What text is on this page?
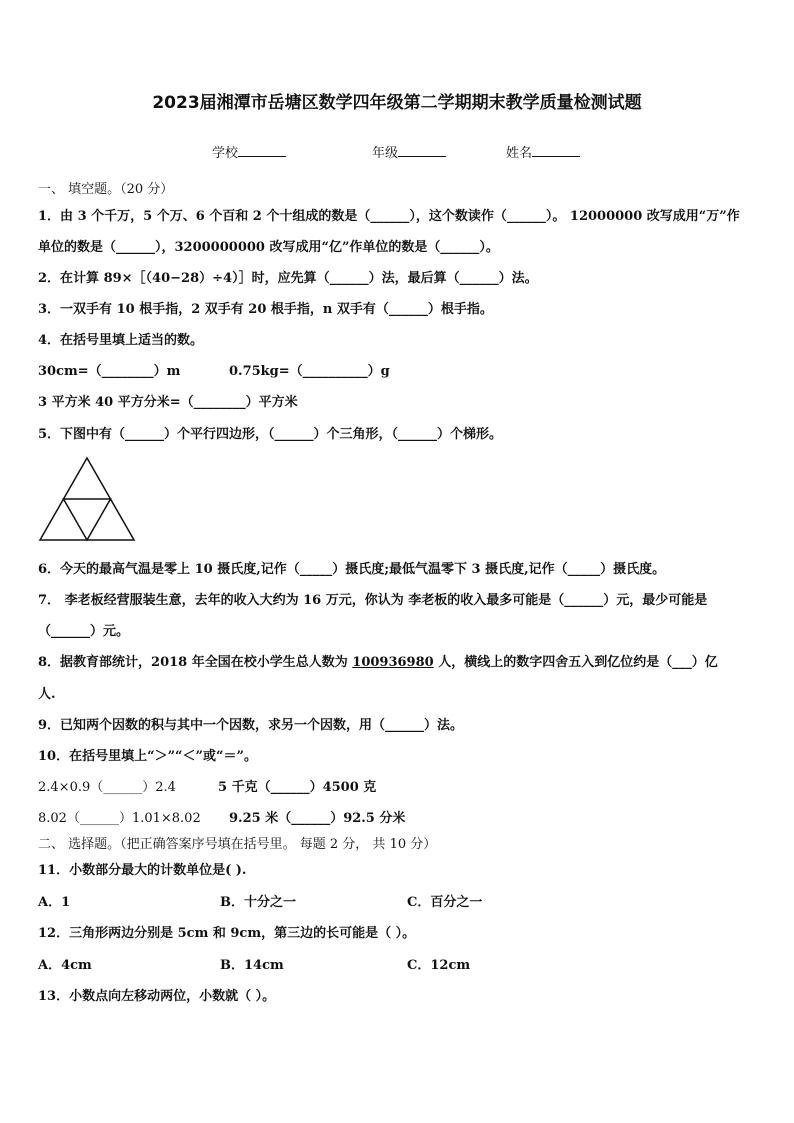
2023届湘潭市岳塘区数学四年级第二学期期末教学质量检测试题
学校	年级	姓名
一、 填空题。（20 分）
1．由 3 个千万，5 个万、6 个百和 2 个十组成的数是（______），这个数读作（______）。 12000000 改写成用“万”作
单位的数是（______），3200000000 改写成用“亿”作单位的数是（______）。
2．在计算 89×［（40−28）÷4）］时，应先算（______）法，最后算（______）法。
3．一双手有 10 根手指，2 双手有 20 根手指，n 双手有（______）根手指。
4．在括号里填上适当的数。
30cm=（________）m	0.75kg=（__________）g
3 平方米 40 平方分米=（________）平方米
5．下图中有（______）个平行四边形，（______）个三角形，（______）个梯形。
6．今天的最高气温是零上 10 摄氏度,记作（_____）摄氏度;最低气温零下 3 摄氏度,记作（_____）摄氏度。
7． 李老板经营服装生意，去年的收入大约为 16 万元，你认为 李老板的收入最多可能是（______）元，最少可能是
（______）元。
8．据教育部统计，2018 年全国在校小学生总人数为 100936980 人，横线上的数字四舍五入到亿位约是（___）亿
人.
9．已知两个因数的积与其中一个因数，求另一个因数，用（______）法。
10．在括号里填上“＞”“＜”或“＝”。
2.4×0.9（______）2.4	5 千克（______）4500 克
8.02（______）1.01×8.02 9.25 米（______）92.5 分米
二、 选择题。（把正确答案序号填在括号里。 每题 2 分， 共 10 分）
11．小数部分最大的计数单位是( ).
A．1	B．十分之一	C．百分之一
12．三角形两边分别是 5cm 和 9cm，第三边的长可能是（ ）。
A．4cm	B．14cm	C．12cm
13．小数点向左移动两位，小数就（ ）。
